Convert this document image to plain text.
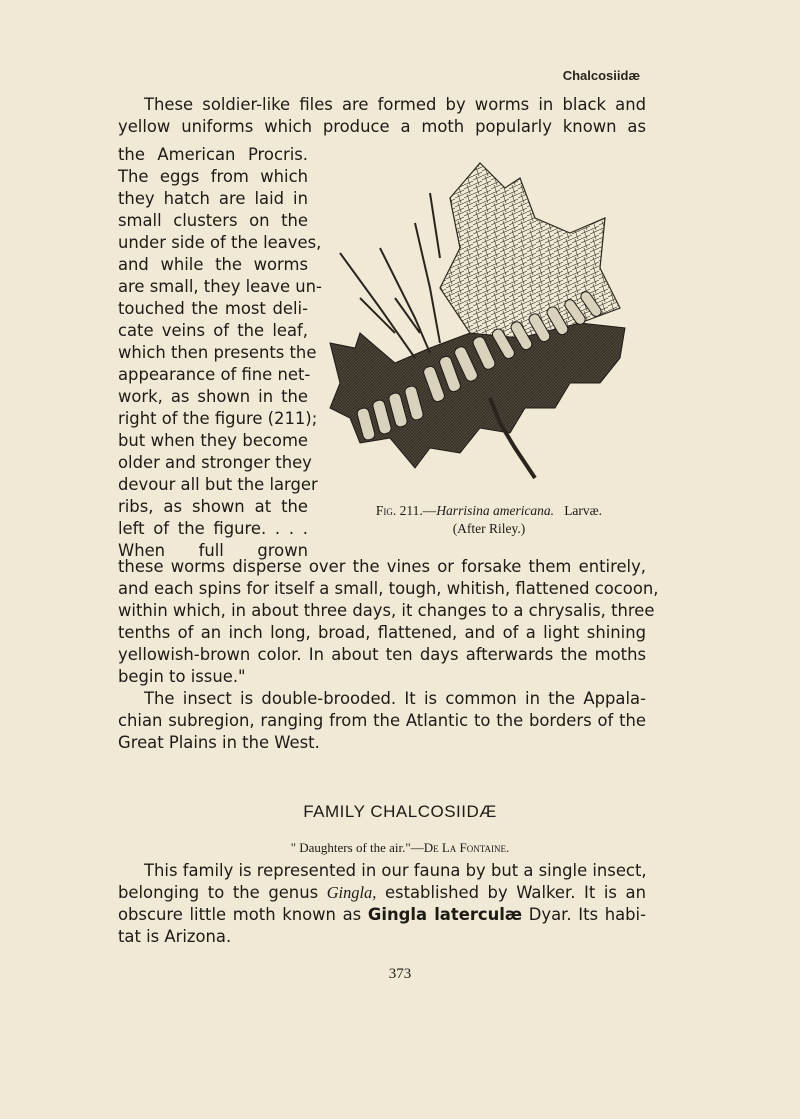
Chalcosiidæ
These soldier-like files are formed by worms in black and
yellow uniforms which produce a moth popularly known as
the American Procris.
The eggs from which
they hatch are laid in
small clusters on the
under side of the leaves,
and while the worms
are small, they leave un-
touched the most deli-
cate veins of the leaf,
which then presents the
appearance of fine net-
work, as shown in the
right of the figure (211);
but when they become
older and stronger they
devour all but the larger
ribs, as shown at the
left of the figure. . . .
When full grown
Fig. 211.—Harrisina americana. Larvæ.
(After Riley.)
these worms disperse over the vines or forsake them entirely,
and each spins for itself a small, tough, whitish, flattened cocoon,
within which, in about three days, it changes to a chrysalis, three
tenths of an inch long, broad, flattened, and of a light shining
yellowish-brown color. In about ten days afterwards the moths
begin to issue."
The insect is double-brooded. It is common in the Appala-
chian subregion, ranging from the Atlantic to the borders of the
Great Plains in the West.
FAMILY CHALCOSIIDÆ
" Daughters of the air."—De La Fontaine.
This family is represented in our fauna by but a single insect,
belonging to the genus Gingla, established by Walker. It is an
obscure little moth known as Gingla laterculæ Dyar. Its habi-
tat is Arizona.
373
